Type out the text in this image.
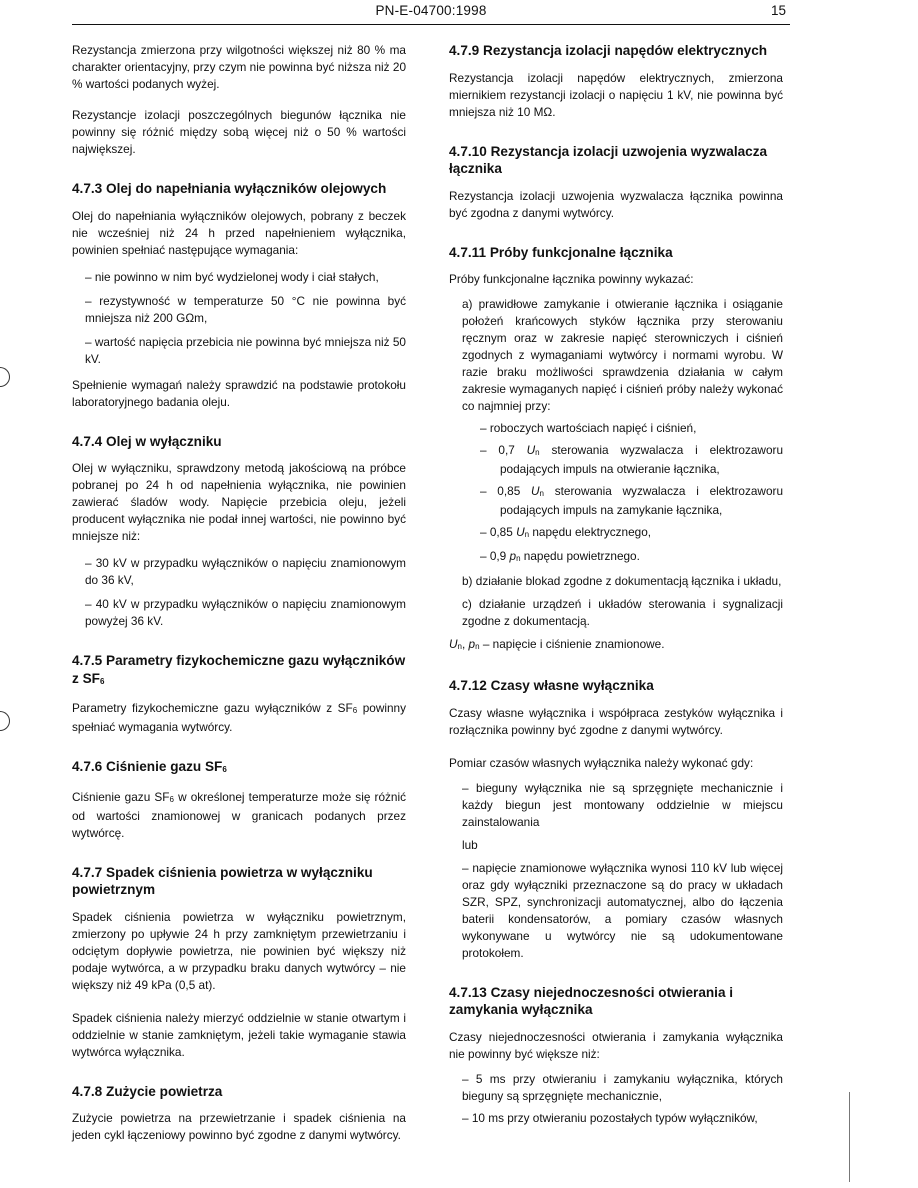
PN-E-04700:1998	15

Rezystancja zmierzona przy wilgotności większej niż 80 % ma charakter orientacyjny, przy czym nie powinna być niższa niż 20 % wartości podanych wyżej.

Rezystancje izolacji poszczególnych biegunów łącznika nie powinny się różnić między sobą więcej niż o 50 % wartości największej.

4.7.3 Olej do napełniania wyłączników olejowych

Olej do napełniania wyłączników olejowych, pobrany z beczek nie wcześniej niż 24 h przed napełnieniem wyłącznika, powinien spełniać następujące wymagania:

– nie powinno w nim być wydzielonej wody i ciał stałych,
– rezystywność w temperaturze 50 °C nie powinna być mniejsza niż 200 GΩm,
– wartość napięcia przebicia nie powinna być mniejsza niż 50 kV.

Spełnienie wymagań należy sprawdzić na podstawie protokołu laboratoryjnego badania oleju.

4.7.4 Olej w wyłączniku

Olej w wyłączniku, sprawdzony metodą jakościową na próbce pobranej po 24 h od napełnienia wyłącznika, nie powinien zawierać śladów wody. Napięcie przebicia oleju, jeżeli producent wyłącznika nie podał innej wartości, nie powinno być mniejsze niż:

– 30 kV w przypadku wyłączników o napięciu znamionowym do 36 kV,
– 40 kV w przypadku wyłączników o napięciu znamionowym powyżej 36 kV.
4.7.5 Parametry fizykochemiczne gazu wyłączników z $SF_6$

Parametry fizykochemiczne gazu wyłączników z $SF_6$ powinny spełniać wymagania wytwórcy.

4.7.6 Ciśnienie gazu $SF_6$

Ciśnienie gazu $SF_6$ w określonej temperaturze może się różnić od wartości znamionowej w granicach podanych przez wytwórcę.

4.7.7 Spadek ciśnienia powietrza w wyłączniku powietrznym

Spadek ciśnienia powietrza w wyłączniku powietrznym, zmierzony po upływie 24 h przy zamkniętym przewietrzaniu i odciętym dopływie powietrza, nie powinien być większy niż podaje wytwórca, a w przypadku braku danych wytwórcy – nie większy niż 49 kPa (0,5 at).

Spadek ciśnienia należy mierzyć oddzielnie w stanie otwartym i oddzielnie w stanie zamkniętym, jeżeli takie wymaganie stawia wytwórca wyłącznika.

4.7.8 Zużycie powietrza

Zużycie powietrza na przewietrzanie i spadek ciśnienia na jeden cykl łączeniowy powinno być zgodne z danymi wytwórcy.

4.7.9 Rezystancja izolacji napędów elektrycznych

Rezystancja izolacji napędów elektrycznych, zmierzona miernikiem rezystancji izolacji o napięciu 1 kV, nie powinna być mniejsza niż 10 MΩ.

4.7.10 Rezystancja izolacji uzwojenia wyzwalacza łącznika

Rezystancja izolacji uzwojenia wyzwalacza łącznika powinna być zgodna z danymi wytwórcy.

4.7.11 Próby funkcjonalne łącznika

Próby funkcjonalne łącznika powinny wykazać:

a) prawidłowe zamykanie i otwieranie łącznika i osiąganie położeń krańcowych styków łącznika przy sterowaniu ręcznym oraz w zakresie napięć sterowniczych i ciśnień zgodnych z wymaganiami wytwórcy i normami wyrobu. W razie braku możliwości sprawdzenia działania w całym zakresie wymaganych napięć i ciśnień próby należy wykonać co najmniej przy:

– roboczych wartościach napięć i ciśnień,
– 0,7 $U_n$ sterowania wyzwalacza i elektrozaworu podających impuls na otwieranie łącznika,
– 0,85 $U_n$ sterowania wyzwalacza i elektrozaworu podających impuls na zamykanie łącznika,
– 0,85 $U_n$ napędu elektrycznego,
– 0,9 $p_n$ napędu powietrznego.

b) działanie blokad zgodne z dokumentacją łącznika i układu,

c) działanie urządzeń i układów sterowania i sygnalizacji zgodne z dokumentacją.

$U_n$, $p_n$ – napięcie i ciśnienie znamionowe.

4.7.12 Czasy własne wyłącznika

Czasy własne wyłącznika i współpraca zestyków wyłącznika i rozłącznika powinny być zgodne z danymi wytwórcy.

Pomiar czasów własnych wyłącznika należy wykonać gdy:

– bieguny wyłącznika nie są sprzęgnięte mechanicznie i każdy biegun jest montowany oddzielnie w miejscu zainstalowania
lub
– napięcie znamionowe wyłącznika wynosi 110 kV lub więcej oraz gdy wyłączniki przeznaczone są do pracy w układach SZR, SPZ, synchronizacji automatycznej, albo do łączenia baterii kondensatorów, a pomiary czasów własnych wykonywane u wytwórcy nie są udokumentowane protokołem.
4.7.13 Czasy niejednoczesności otwierania i zamykania wyłącznika

Czasy niejednoczesności otwierania i zamykania wyłącznika nie powinny być większe niż:

– 5 ms przy otwieraniu i zamykaniu wyłącznika, których bieguny są sprzęgnięte mechanicznie,
– 10 ms przy otwieraniu pozostałych typów wyłączników,
